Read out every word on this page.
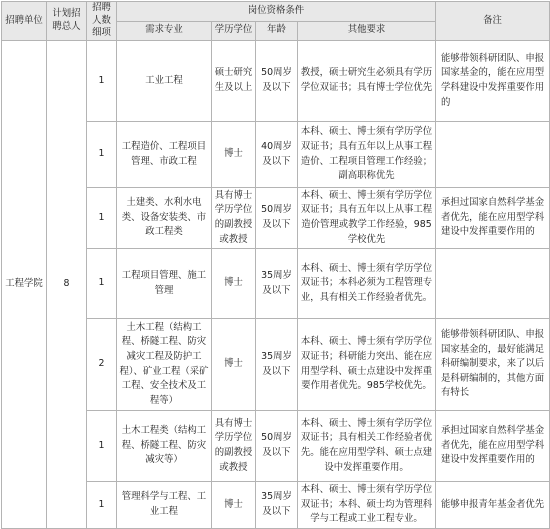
招聘单位	计划招聘总人	招聘人数细项	岗位资格条件				备注
			需求专业	学历学位	年龄	其他要求	
工程学院	8	1	工业工程	硕士研究生及以上	50周岁及以下	教授，硕士研究生必须具有学历学位双证书；具有博士学位优先	能够带领科研团队、申报国家基金的，能在应用型学科建设中发挥重要作用的
		1	工程造价、工程项目管理、市政工程	博士	40周岁及以下	本科、硕士、博士须有学历学位双证书；具有五年以上从事工程造价、工程项目管理工作经验；副高职称优先	
		1	土建类、水利水电类、设备安装类、市政工程类	具有博士学历学位的副教授或教授	50周岁及以下	本科、硕士、博士须有学历学位双证书；具有五年以上从事工程造价管理或教学工作经验，985学校优先	承担过国家自然科学基金者优先，能在应用型学科建设中发挥重要作用的
		1	工程项目管理、施工管理	博士	35周岁及以下	本科、硕士、博士须有学历学位双证书；本科必须为工程管理专业，具有相关工作经验者优先。	
		2	土木工程（结构工程、桥隧工程、防灾减灾工程及防护工程）、矿业工程（采矿工程、安全技术及工程等）	博士	35周岁及以下	本科、硕士、博士须有学历学位双证书；科研能力突出、能在应用型学科、硕士点建设中发挥重要作用者优先。985学校优先。	能够带领科研团队、申报国家基金的，最好能满足科研编制要求，来了以后是科研编制的，其他方面有特长
		1	土木工程类（结构工程、桥隧工程、防灾减灾等）	具有博士学历学位的副教授或教授	50周岁及以下	本科、硕士、博士须有学历学位双证书；具有相关工作经验者优先。能在应用型学科、硕士点建设中发挥重要作用。	承担过国家自然科学基金者优先，能在应用型学科建设中发挥重要作用的
		1	管理科学与工程、工业工程	博士	35周岁及以下	本科、硕士、博士须有学历学位双证书；本科、硕士均为管理科学与工程或工业工程专业。	能够申报青年基金者优先
